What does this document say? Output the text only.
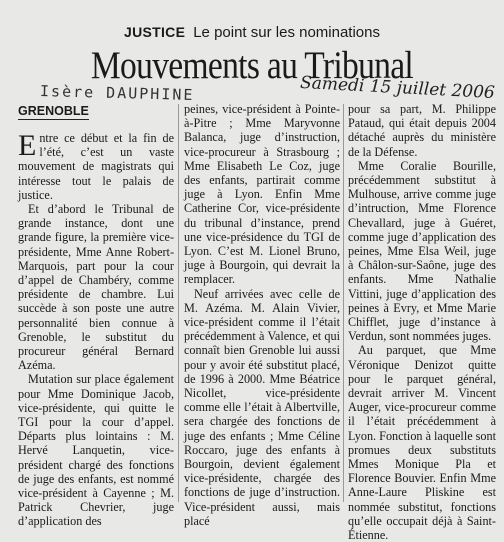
JUSTICE Le point sur les nominations
Mouvements au Tribunal
Isère DAUPHINE	Samedi 15 juillet 2006
GRENOBLE

Entre ce début et la fin de l’été, c’est un vaste mouvement de magistrats qui intéresse tout le palais de justice.

Et d’abord le Tribunal de grande instance, dont une grande figure, la première vice-présidente, Mme Anne Robert-Marquois, part pour la cour d’appel de Chambéry, comme présidente de chambre. Lui succède à son poste une autre personnalité bien connue à Grenoble, le substitut du procureur général Bernard Azéma.

Mutation sur place également pour Mme Dominique Jacob, vice-présidente, qui quitte le TGI pour la cour d’appel. Départs plus lointains : M. Hervé Lanquetin, vice-président chargé des fonctions de juge des enfants, est nommé vice-président à Cayenne ; M. Patrick Chevrier, juge d’application des

peines, vice-président à Pointe-à-Pitre ; Mme Maryvonne Balanca, juge d’instruction, vice-procureur à Strasbourg ; Mme Elisabeth Le Coz, juge des enfants, partirait comme juge à Lyon. Enfin Mme Catherine Cor, vice-présidente du tribunal d’instance, prend une vice-présidence du TGI de Lyon. C’est M. Lionel Bruno, juge à Bourgoin, qui devrait la remplacer.

Neuf arrivées avec celle de M. Azéma. M. Alain Vivier, vice-président comme il l’était précédemment à Valence, et qui connaît bien Grenoble lui aussi pour y avoir été substitut placé, de 1996 à 2000. Mme Béatrice Nicollet, vice-présidente comme elle l’était à Albertville, sera chargée des fonctions de juge des enfants ; Mme Céline Roccaro, juge des enfants à Bourgoin, devient également vice-présidente, chargée des fonctions de juge d’instruction. Vice-président aussi, mais placé

pour sa part, M. Philippe Pataud, qui était depuis 2004 détaché auprès du ministère de la Défense.

Mme Coralie Bourille, précédemment substitut à Mulhouse, arrive comme juge d’intruction, Mme Florence Chevallard, juge à Guéret, comme juge d’application des peines, Mme Elsa Weil, juge à Châlon-sur-Saône, juge des enfants. Mme Nathalie Vittini, juge d’application des peines à Evry, et Mme Marie Chifflet, juge d’instance à Verdun, sont nommées juges.

Au parquet, que Mme Véronique Denizot quitte pour le parquet général, devrait arriver M. Vincent Auger, vice-procureur comme il l’était précédemment à Lyon. Fonction à laquelle sont promues deux substituts Mmes Monique Pla et Florence Bouvier. Enfin Mme Anne-Laure Pliskine est nommée substitut, fonctions qu’elle occupait déjà à Saint-Étienne.
